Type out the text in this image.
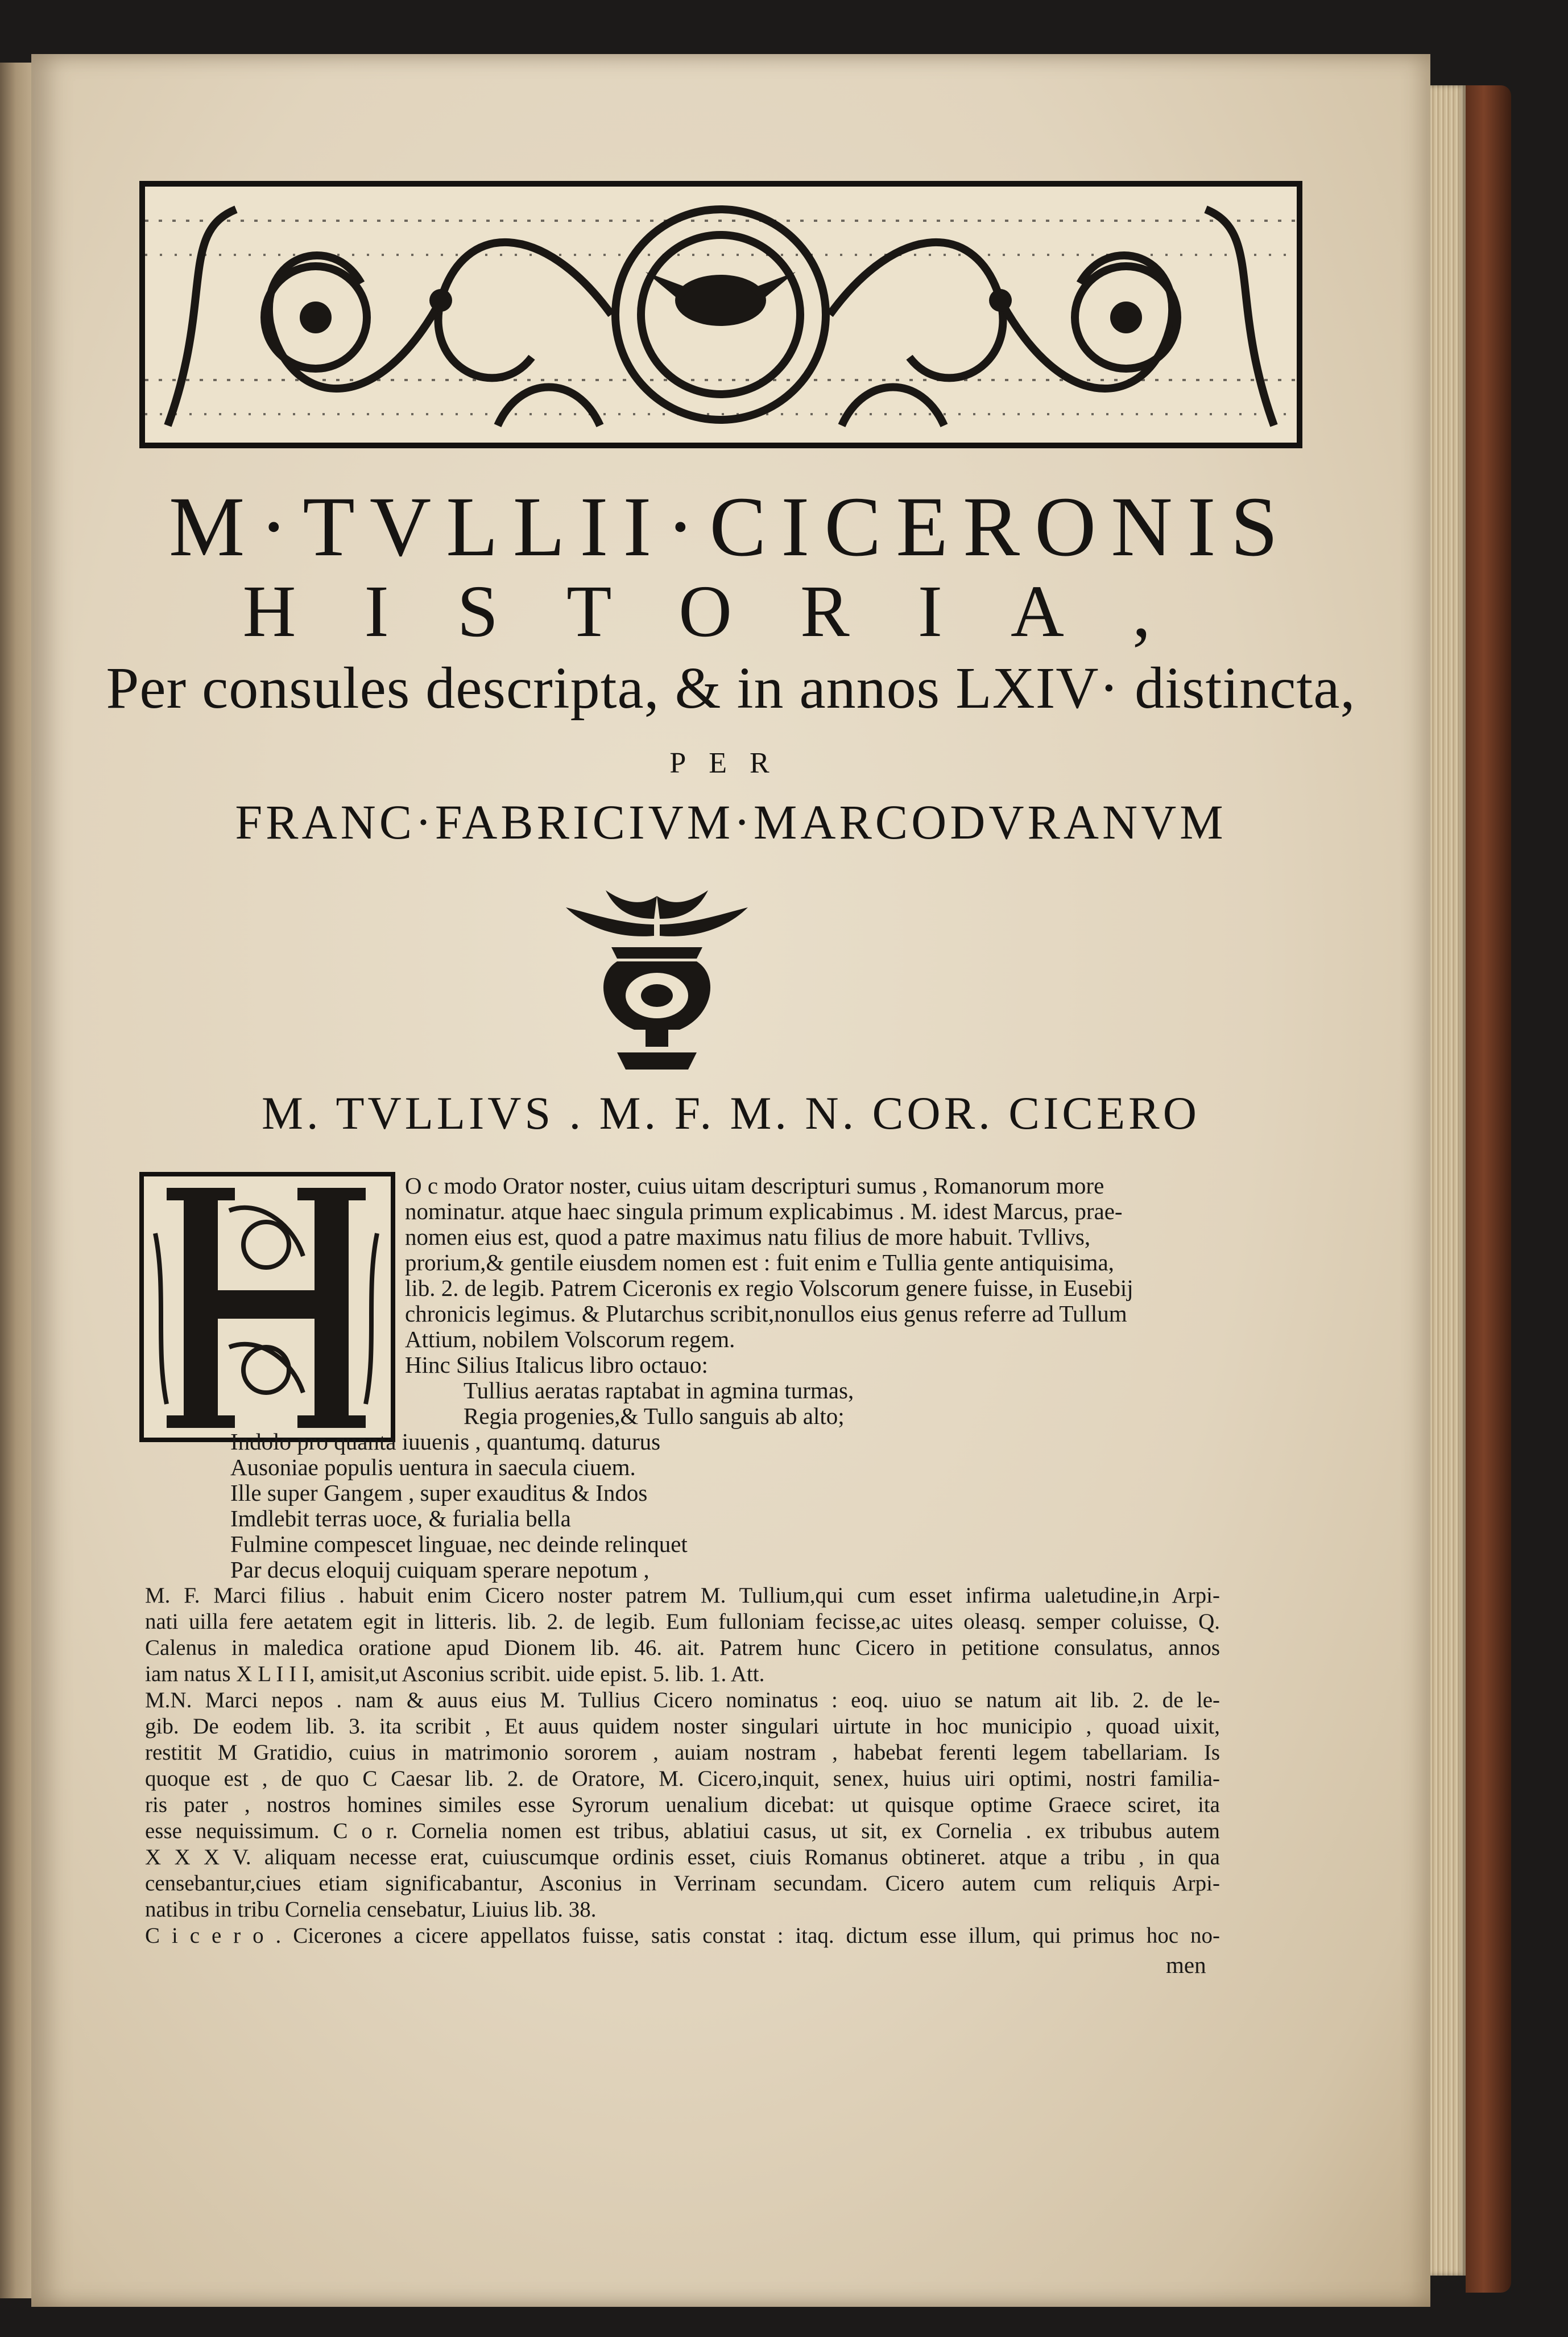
M·TVLLII·CICERONIS
HISTORIA,
Per consules descripta, & in annos LXIV· distincta,
PER
FRANC·FABRICIVM·MARCODVRANVM
M. TVLLIVS . M. F. M. N. COR. CICERO
O c modo Orator noster, cuius uitam descripturi sumus , Romanorum more
nominatur. atque haec singula primum explicabimus . M. idest Marcus, prae-
nomen eius est, quod a patre maximus natu filius de more habuit. Tvllivs,
prorium,& gentile eiusdem nomen est : fuit enim e Tullia gente antiquisima,
lib. 2. de legib. Patrem Ciceronis ex regio Volscorum genere fuisse, in Eusebij
chronicis legimus. & Plutarchus scribit,nonullos eius genus referre ad Tullum
Attium, nobilem Volscorum regem.
Hinc Silius Italicus libro octauo:
Tullius aeratas raptabat in agmina turmas,
Regia progenies,& Tullo sanguis ab alto;
Indolo pro quanta iuuenis , quantumq. daturus
Ausoniae populis uentura in saecula ciuem.
Ille super Gangem , super exauditus & Indos
Imdlebit terras uoce, & furialia bella
Fulmine compescet linguae, nec deinde relinquet
Par decus eloquij cuiquam sperare nepotum ,
M. F. Marci filius . habuit enim Cicero noster patrem M. Tullium,qui cum esset infirma ualetudine,in Arpi-
nati uilla fere aetatem egit in litteris. lib. 2. de legib. Eum fulloniam fecisse,ac uites oleasq. semper coluisse, Q.
Calenus in maledica oratione apud Dionem lib. 46. ait. Patrem hunc Cicero in petitione consulatus, annos
iam natus X L I I I, amisit,ut Asconius scribit. uide epist. 5. lib. 1. Att.
M.N. Marci nepos . nam & auus eius M. Tullius Cicero nominatus : eoq. uiuo se natum ait lib. 2. de le-
gib. De eodem lib. 3. ita scribit , Et auus quidem noster singulari uirtute in hoc municipio , quoad uixit,
restitit M Gratidio, cuius in matrimonio sororem , auiam nostram , habebat ferenti legem tabellariam. Is
quoque est , de quo C Caesar lib. 2. de Oratore, M. Cicero,inquit, senex, huius uiri optimi, nostri familia-
ris pater , nostros homines similes esse Syrorum uenalium dicebat: ut quisque optime Graece sciret, ita
esse nequissimum. C o r. Cornelia nomen est tribus, ablatiui casus, ut sit, ex Cornelia . ex tribubus autem
X X X V. aliquam necesse erat, cuiuscumque ordinis esset, ciuis Romanus obtineret. atque a tribu , in qua
censebantur,ciues etiam significabantur, Asconius in Verrinam secundam. Cicero autem cum reliquis Arpi-
natibus in tribu Cornelia censebatur, Liuius lib. 38.
C i c e r o . Cicerones a cicere appellatos fuisse, satis constat : itaq. dictum esse illum, qui primus hoc no-
men
